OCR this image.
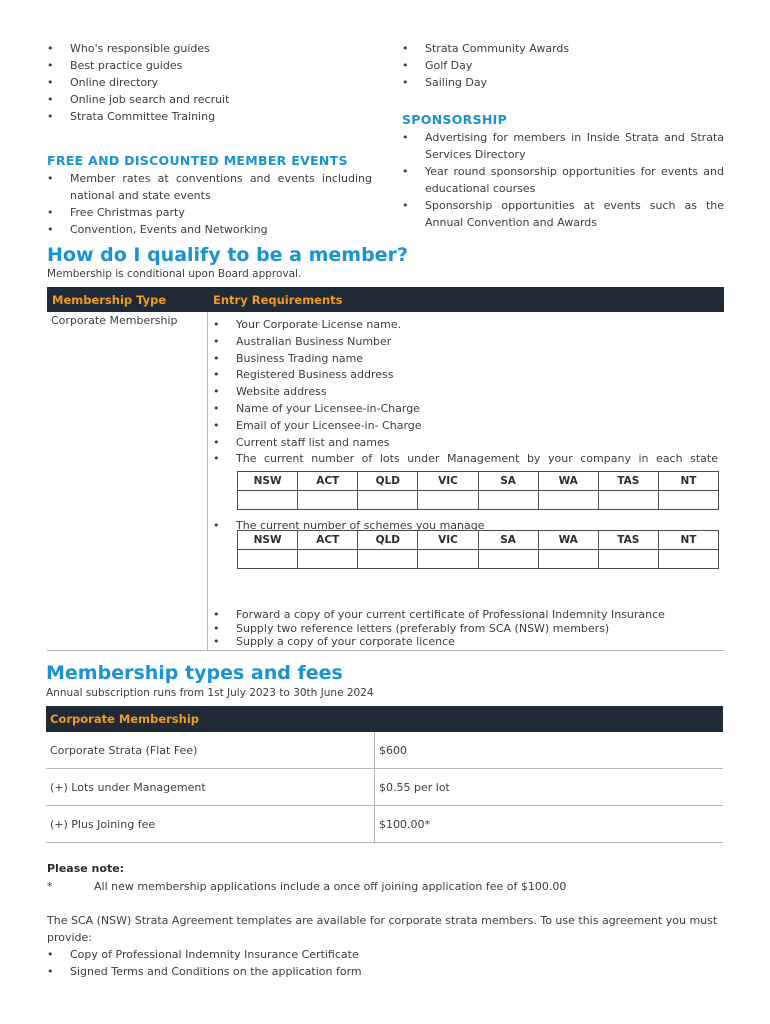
• Who's responsible guides
• Best practice guides
• Online directory
• Online job search and recruit
• Strata Committee Training
FREE AND DISCOUNTED MEMBER EVENTS
• Member rates at conventions and events including national and state events
• Free Christmas party
• Convention, Events and Networking
• Strata Community Awards
• Golf Day
• Sailing Day
SPONSORSHIP
• Advertising for members in Inside Strata and Strata Services Directory
• Year round sponsorship opportunities for events and educational courses
• Sponsorship opportunities at events such as the Annual Convention and Awards
How do I qualify to be a member?
Membership is conditional upon Board approval.
Membership Type	Entry Requirements
Corporate Membership	• Your Corporate License name.
• Australian Business Number
• Business Trading name
• Registered Business address
• Website address
• Name of your Licensee-in-Charge
• Email of your Licensee-in- Charge
• Current staff list and names
• The current number of lots under Management by your company in each state
• The current number of schemes you manage
• Forward a copy of your current certificate of Professional Indemnity Insurance
• Supply two reference letters (preferably from SCA (NSW) members)
• Supply a copy of your corporate licence
NSW	ACT	QLD	VIC	SA	WA	TAS	NT

NSW	ACT	QLD	VIC	SA	WA	TAS	NT

Membership types and fees
Annual subscription runs from 1st July 2023 to 30th June 2024
Corporate Membership
Corporate Strata (Flat Fee)	$600
(+) Lots under Management	$0.55 per lot
(+) Plus Joining fee	$100.00*
Please note:
*	All new membership applications include a once off joining application fee of $100.00
The SCA (NSW) Strata Agreement templates are available for corporate strata members. To use this agreement you must provide:
• Copy of Professional Indemnity Insurance Certificate
• Signed Terms and Conditions on the application form
